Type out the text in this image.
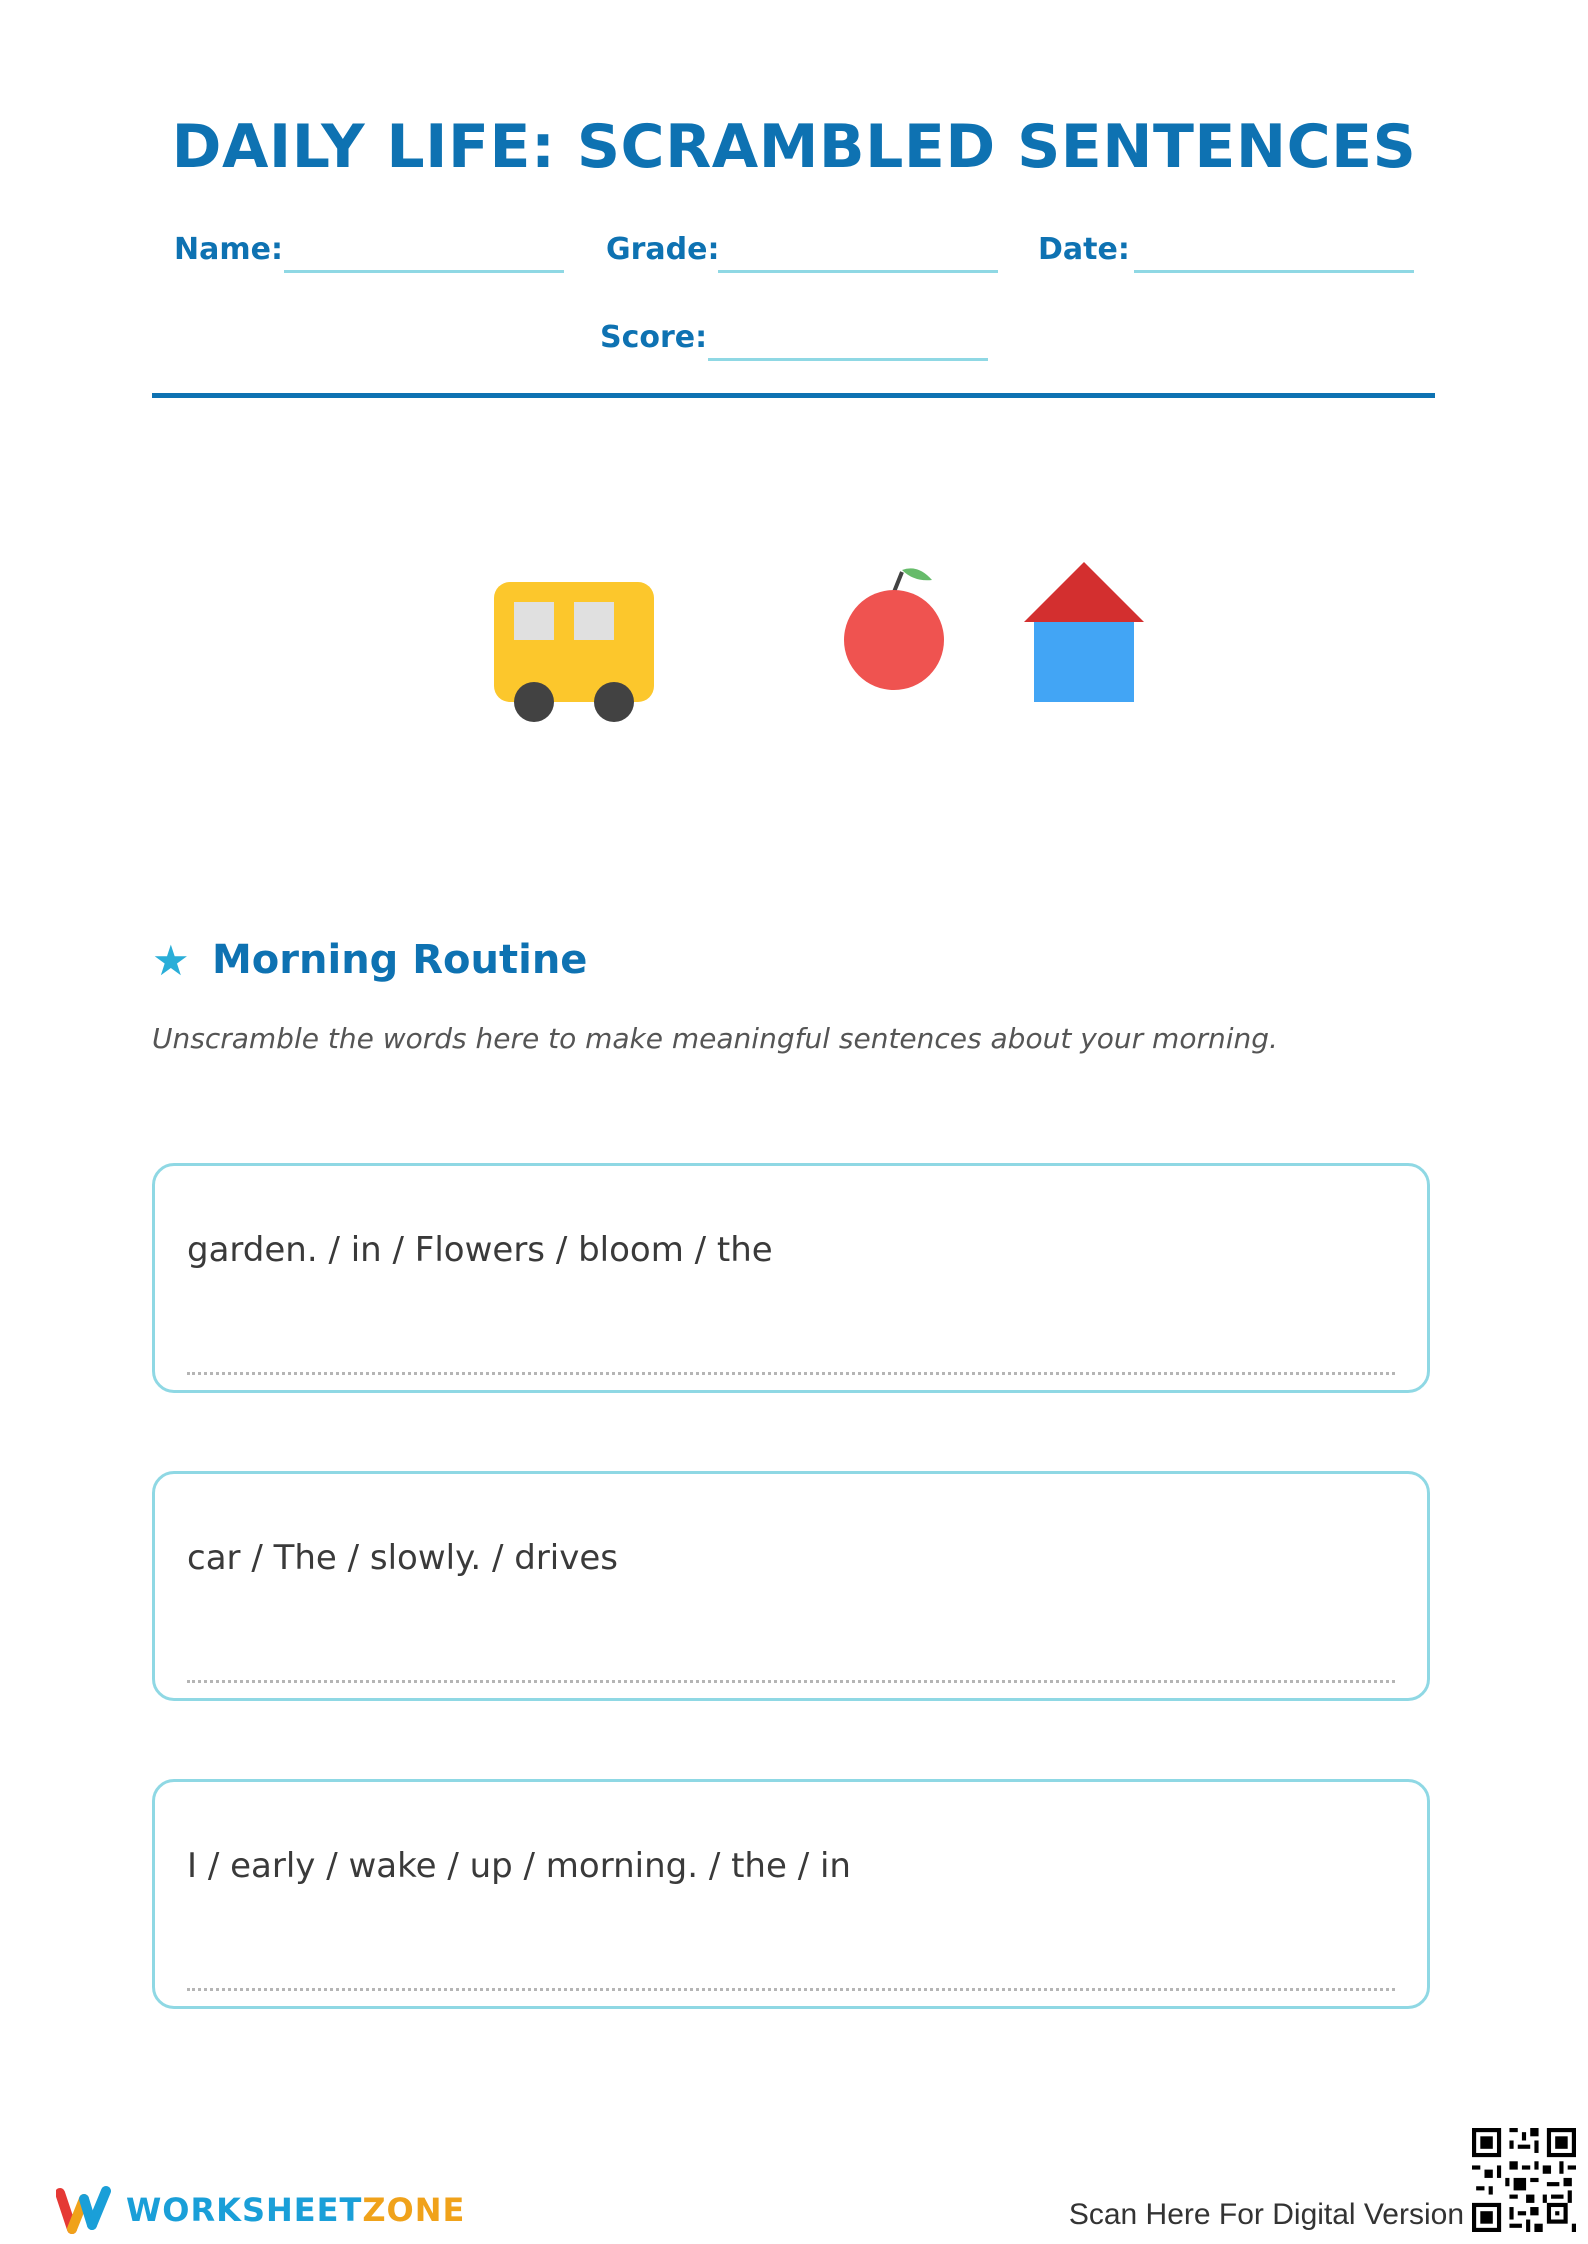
DAILY LIFE: SCRAMBLED SENTENCES
Name:	Grade:	Date:
Score:
★ Morning Routine
Unscramble the words here to make meaningful sentences about your morning.
garden. / in / Flowers / bloom / the
car / The / slowly. / drives
I / early / wake / up / morning. / the / in
WORKSHEETZONE	Scan Here For Digital Version
